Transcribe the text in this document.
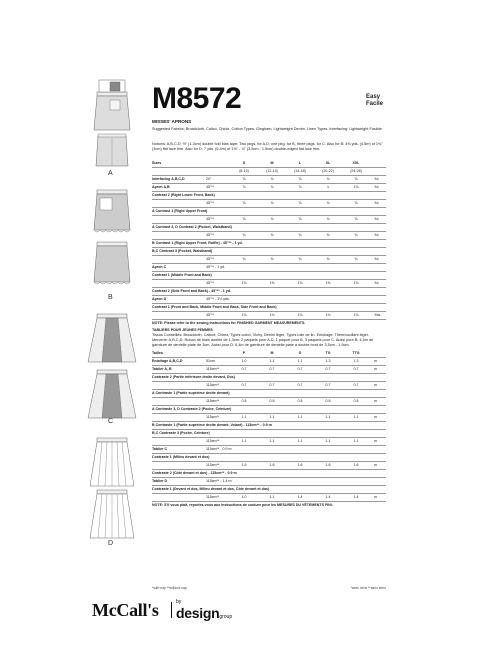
A
B
C
D
M8572	Easy
Facile
MISSES' APRONS
Suggested Fabrics: Broadcloth, Calico, Chintz, Cotton Types, Gingham, Lightweight Denim, Linen Types. Interfacing: Lightweight Fusible.
Notions: A,B,C,D: ½" (1.3cm) double fold bias tape: Two pkgs. for A,D; one pkg. for B, three pkgs. for C. Also for B: 4⅝ yds. (4.5m) of 1⅜" (3cm) flat lace trim. Also for D: 7 yds. (6.4m) of 1½" - ¾" (3.5cm - 1.5cm) double-edged flat lace trim.
Sizes	S	M	L	XL	XXL
(8-10)	(12-14)	(14-18)	(20-22)	(24-26)
Interfacing A,B,C,D	20"	⅛	⅛	⅛	⅛	⅛	Yd.
Apron A,B	45"**	⅞	⅞	⅞	1	1⅛	Yd.
Contrast 2 (Right Lower Front, Back)
45"**	⅛	⅛	⅛	⅛	⅛	Yd.
A Contrast 1 (Right Upper Front)
45"**	⅛	⅛	⅛	⅛	⅛	Yd.
A Contrast 3, D Contrast 2 (Pocket, Waistband)
45"**	⅝	⅝	⅝	⅝	⅝	Yd.
B Contrast 1 (Right Upper Front, Ruffle) - 45"** - 1 yd.
B,C Contrast 3 (Pocket, Waistband)
45"**	⅝	⅝	⅝	⅝	⅝	Yd.
Apron C	45"** - 1 yd.
Contrast 1 (Middle Front and Back)
45"**	1⅝	1⅝	1⅝	1⅝	1⅝	Yd.
Contrast 2 (Side Front and Back) - 45"** - 1 yd.
Apron D	45"** - 1⅛ yds.
Contrast 1 (Front and Back, Middle Front and Back, Side Front and Back)
45"**	1⅛	1⅛	1⅛	1⅛	1⅛	Yds.
NOTE: Please refer to the sewing instructions for FINISHED GARMENT MEASUREMENTS.
TABLIERS POUR JEUNES FEMMES
Tissus Conseillés: Broadcloth, Calicot, Chintz, Types coton, Vichy, Denim léger, Types toile de lin. Entoilage: Thermocollant léger.
Mercerie: A,B,C,D: Ruban de biais double de 1,3cm: 2 paquets pour A,D, 1 paquet pour B, 3 paquets pour C. Aussi pour B: 4,5m de garniture de dentelle plate de 3cm. Aussi pour D: 6,4m de garniture de dentelle plate à double bord de 3,5cm - 1,5cm.
Tailles	P	M	G	TG	TTG
Entoilage A,B,C,D	51cm	1.0	1.1	1.1	1.3	1.3	m
Tablier A, B	115cm**	0.7	0.7	0.7	0.7	0.7	m
Contraste 2 (Partie inférieure droite devant, Dos)
115cm**	0.7	0.7	0.7	0.7	0.7	m
A Contraste 1 (Partie supérieur droite devant)
115cm**	0.5	0.5	0.5	0.5	0.5	m
A Contraste 3, D Contraste 2 (Poche, Ceinture)
115cm**	1.1	1.1	1.1	1.1	1.1	m
B Contraste 1 (Partie supérieur droite devant, Volant) - 115cm** - 0.9 m
B,C Contraste 3 (Poche, Ceinture)
115cm**	1.1	1.1	1.1	1.1	1.1	m
Tablier C	115cm** - 0.9 m
Contraste 1 (Milieu devant et dos)
115cm**	1.5	1.6	1.6	1.6	1.6	m
Contraste 2 (Côté devant et dos) - 115cm** - 0.9 m
Tablier D	115cm** - 1.4 m
Contraste 1 (Devant et dos, Milieu devant et dos, Côté devant et dos)
115cm**	1.0	1.1	1.4	1.4	1.4	m
NOTE: S'il vous plaît, reportez-vous aux instructions de couture pour les MESURES DU VÊTEMENTS FINI.
*with nap **without nap	*avec sens **sans sens
McCall's	by
designgroup
